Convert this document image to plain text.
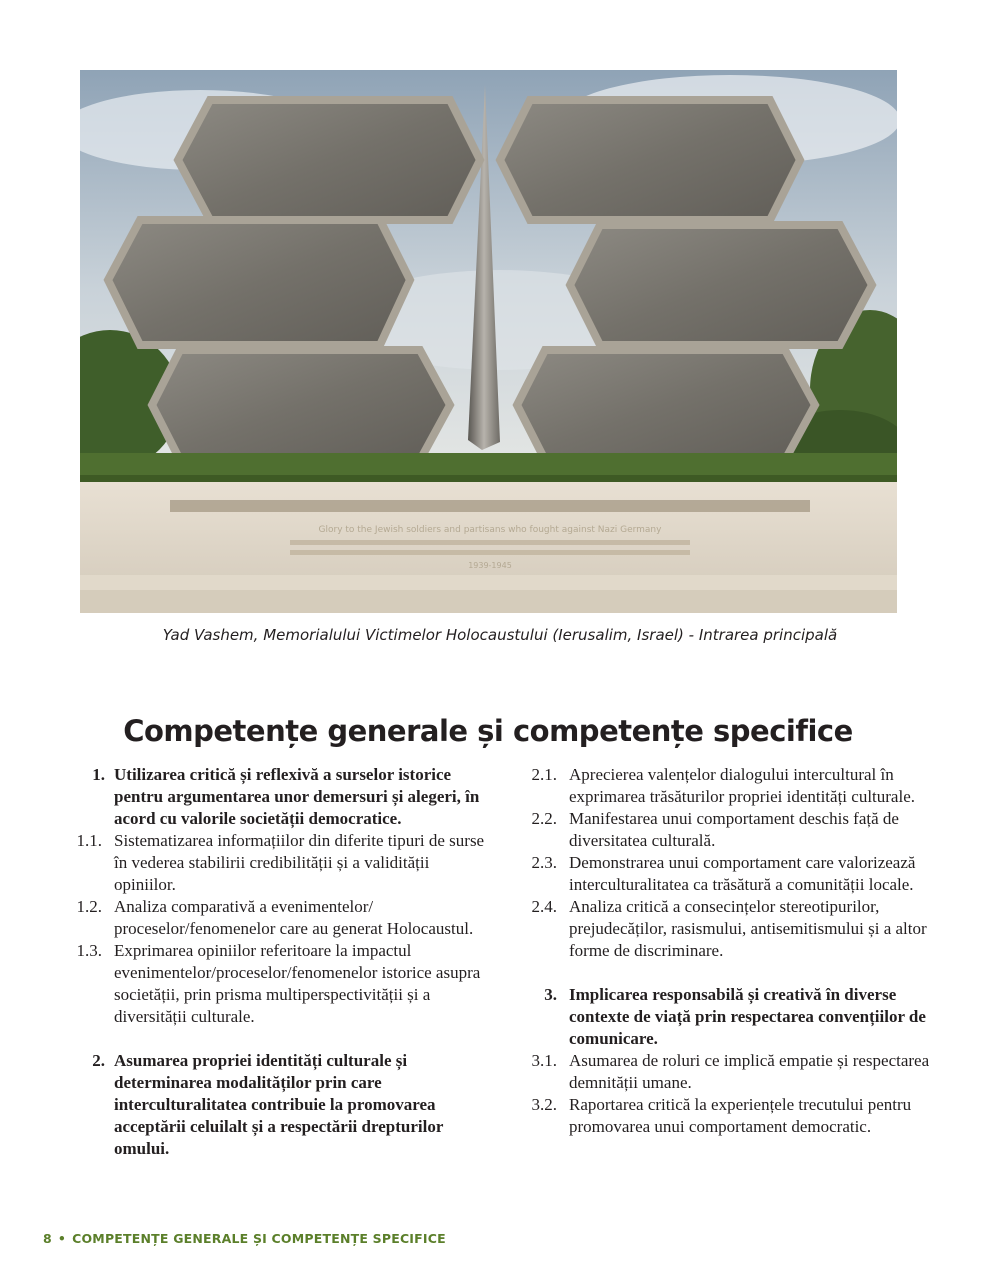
Glory to the Jewish soldiers and partisans who fought against Nazi Germany
1939-1945
Yad Vashem, Memorialului Victimelor Holocaustului (Ierusalim, Israel) - Intrarea principală
Competențe generale și competențe specifice
1. Utilizarea critică și reflexivă a surselor istorice pentru argumentarea unor demersuri și alegeri, în acord cu valorile societății democratice.
1.1. Sistematizarea informațiilor din diferite tipuri de surse în vederea stabilirii credibilității și a validității opiniilor.
1.2. Analiza comparativă a evenimentelor/ proceselor/fenomenelor care au generat Holocaustul.
1.3. Exprimarea opiniilor referitoare la impactul evenimentelor/proceselor/fenomenelor istorice asupra societății, prin prisma multiperspectivității și a diversității culturale.
2. Asumarea propriei identități culturale și determinarea modalităților prin care interculturalitatea contribuie la promovarea acceptării celuilalt și a respectării drepturilor omului.
2.1. Aprecierea valențelor dialogului intercultural în exprimarea trăsăturilor propriei identități culturale.
2.2. Manifestarea unui comportament deschis față de diversitatea culturală.
2.3. Demonstrarea unui comportament care valorizează interculturalitatea ca trăsătură a comunității locale.
2.4. Analiza critică a consecințelor stereotipurilor, prejudecăților, rasismului, antisemitismului și a altor forme de discriminare.
3. Implicarea responsabilă și creativă în diverse contexte de viață prin respectarea convențiilor de comunicare.
3.1. Asumarea de roluri ce implică empatie și respectarea demnității umane.
3.2. Raportarea critică la experiențele trecutului pentru promovarea unui comportament democratic.
8 • COMPETENȚE GENERALE ȘI COMPETENȚE SPECIFICE
